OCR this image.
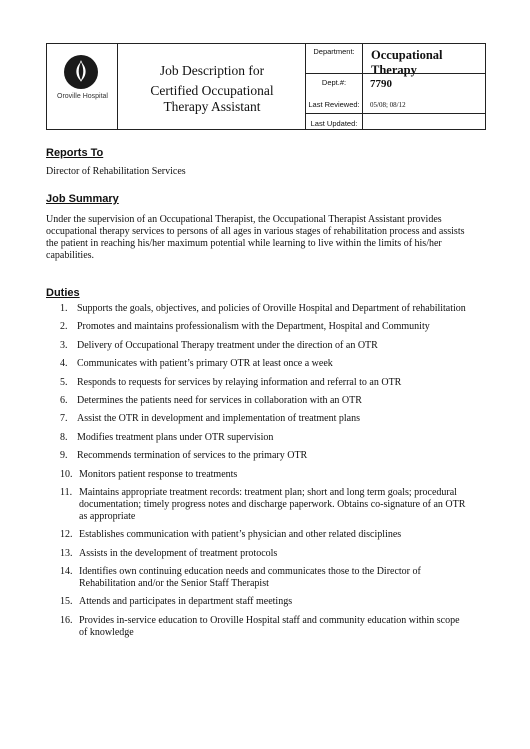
Oroville Hospital
Job Description for
Certified Occupational
Therapy Assistant
Department:	Occupational Therapy
Dept.#:	7790
Last Reviewed:	05/08; 08/12
Last Updated:
Reports To
Director of Rehabilitation Services
Job Summary
Under the supervision of an Occupational Therapist, the Occupational Therapist Assistant provides
occupational therapy services to persons of all ages in various stages of rehabilitation process and assists
the patient in reaching his/her maximum potential while learning to live within the limits of his/her
capabilities.
Duties
1. Supports the goals, objectives, and policies of Oroville Hospital and Department of rehabilitation
2. Promotes and maintains professionalism with the Department, Hospital and Community
3. Delivery of Occupational Therapy treatment under the direction of an OTR
4. Communicates with patient’s primary OTR at least once a week
5. Responds to requests for services by relaying information and referral to an OTR
6. Determines the patients need for services in collaboration with an OTR
7. Assist the OTR in development and implementation of treatment plans
8. Modifies treatment plans under OTR supervision
9. Recommends termination of services to the primary OTR
10. Monitors patient response to treatments
11. Maintains appropriate treatment records: treatment plan; short and long term goals; procedural
documentation; timely progress notes and discharge paperwork. Obtains co-signature of an OTR
as appropriate
12. Establishes communication with patient’s physician and other related disciplines
13. Assists in the development of treatment protocols
14. Identifies own continuing education needs and communicates those to the Director of
Rehabilitation and/or the Senior Staff Therapist
15. Attends and participates in department staff meetings
16. Provides in-service education to Oroville Hospital staff and community education within scope
of knowledge
